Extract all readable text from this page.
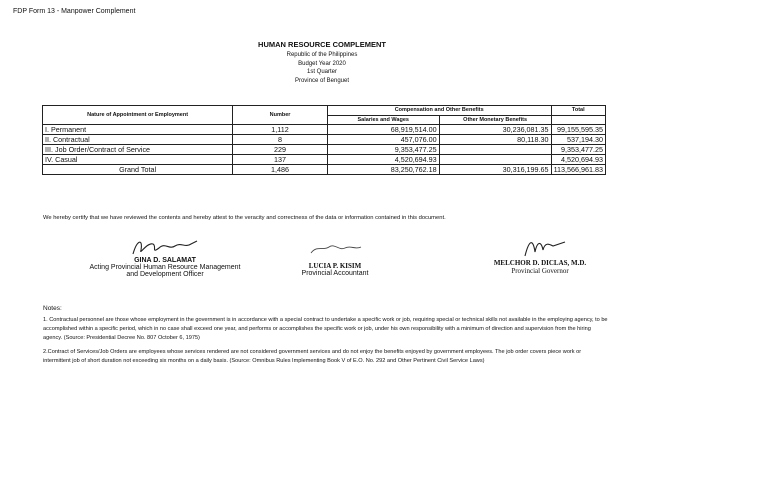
FDP Form 13 - Manpower Complement
HUMAN RESOURCE COMPLEMENT
Republic of the Philippines
Budget Year 2020
1st Quarter
Province of Benguet
Nature of Appointment or Employment	Number	Compensation and Other Benefits		Total
		Salaries and Wages	Other Monetary Benefits	
I. Permanent	1,112	68,919,514.00	30,236,081.35	99,155,595.35
II. Contractual	8	457,076.00	80,118.30	537,194.30
III. Job Order/Contract of Service	229	9,353,477.25		9,353,477.25
IV. Casual	137	4,520,694.93		4,520,694.93
Grand Total	1,486	83,250,762.18	30,316,199.65	113,566,961.83
We hereby certify that we have reviewed the contents and hereby attest to the veracity and correctness of the data or information contained in this document.
GINA D. SALAMAT
Acting Provincial Human Resource Management
and Development Officer
LUCIA P. KISIM
Provincial Accountant
MELCHOR D. DICLAS, M.D.
Provincial Governor
Notes:

1. Contractual personnel are those whose employment in the government is in accordance with a special contract to undertake a specific work or job, requiring special or technical skills not available in the employing agency, to be accomplished within a specific period, which in no case shall exceed one year, and performs or accomplishes the specific work or job, under his own responsibility with a minimum of direction and supervision from the hiring agency. (Source: Presidential Decree No. 807 October 6, 1975)

2.Contract of Services/Job Orders are employees whose services rendered are not considered government services and do not enjoy the benefits enjoyed by government employees. The job order covers piece work or intermittent job of short duration not exceeding six months on a daily basis. (Source: Omnibus Rules Implementing Book V of E.O. No. 292 and Other Pertinent Civil Service Laws)
